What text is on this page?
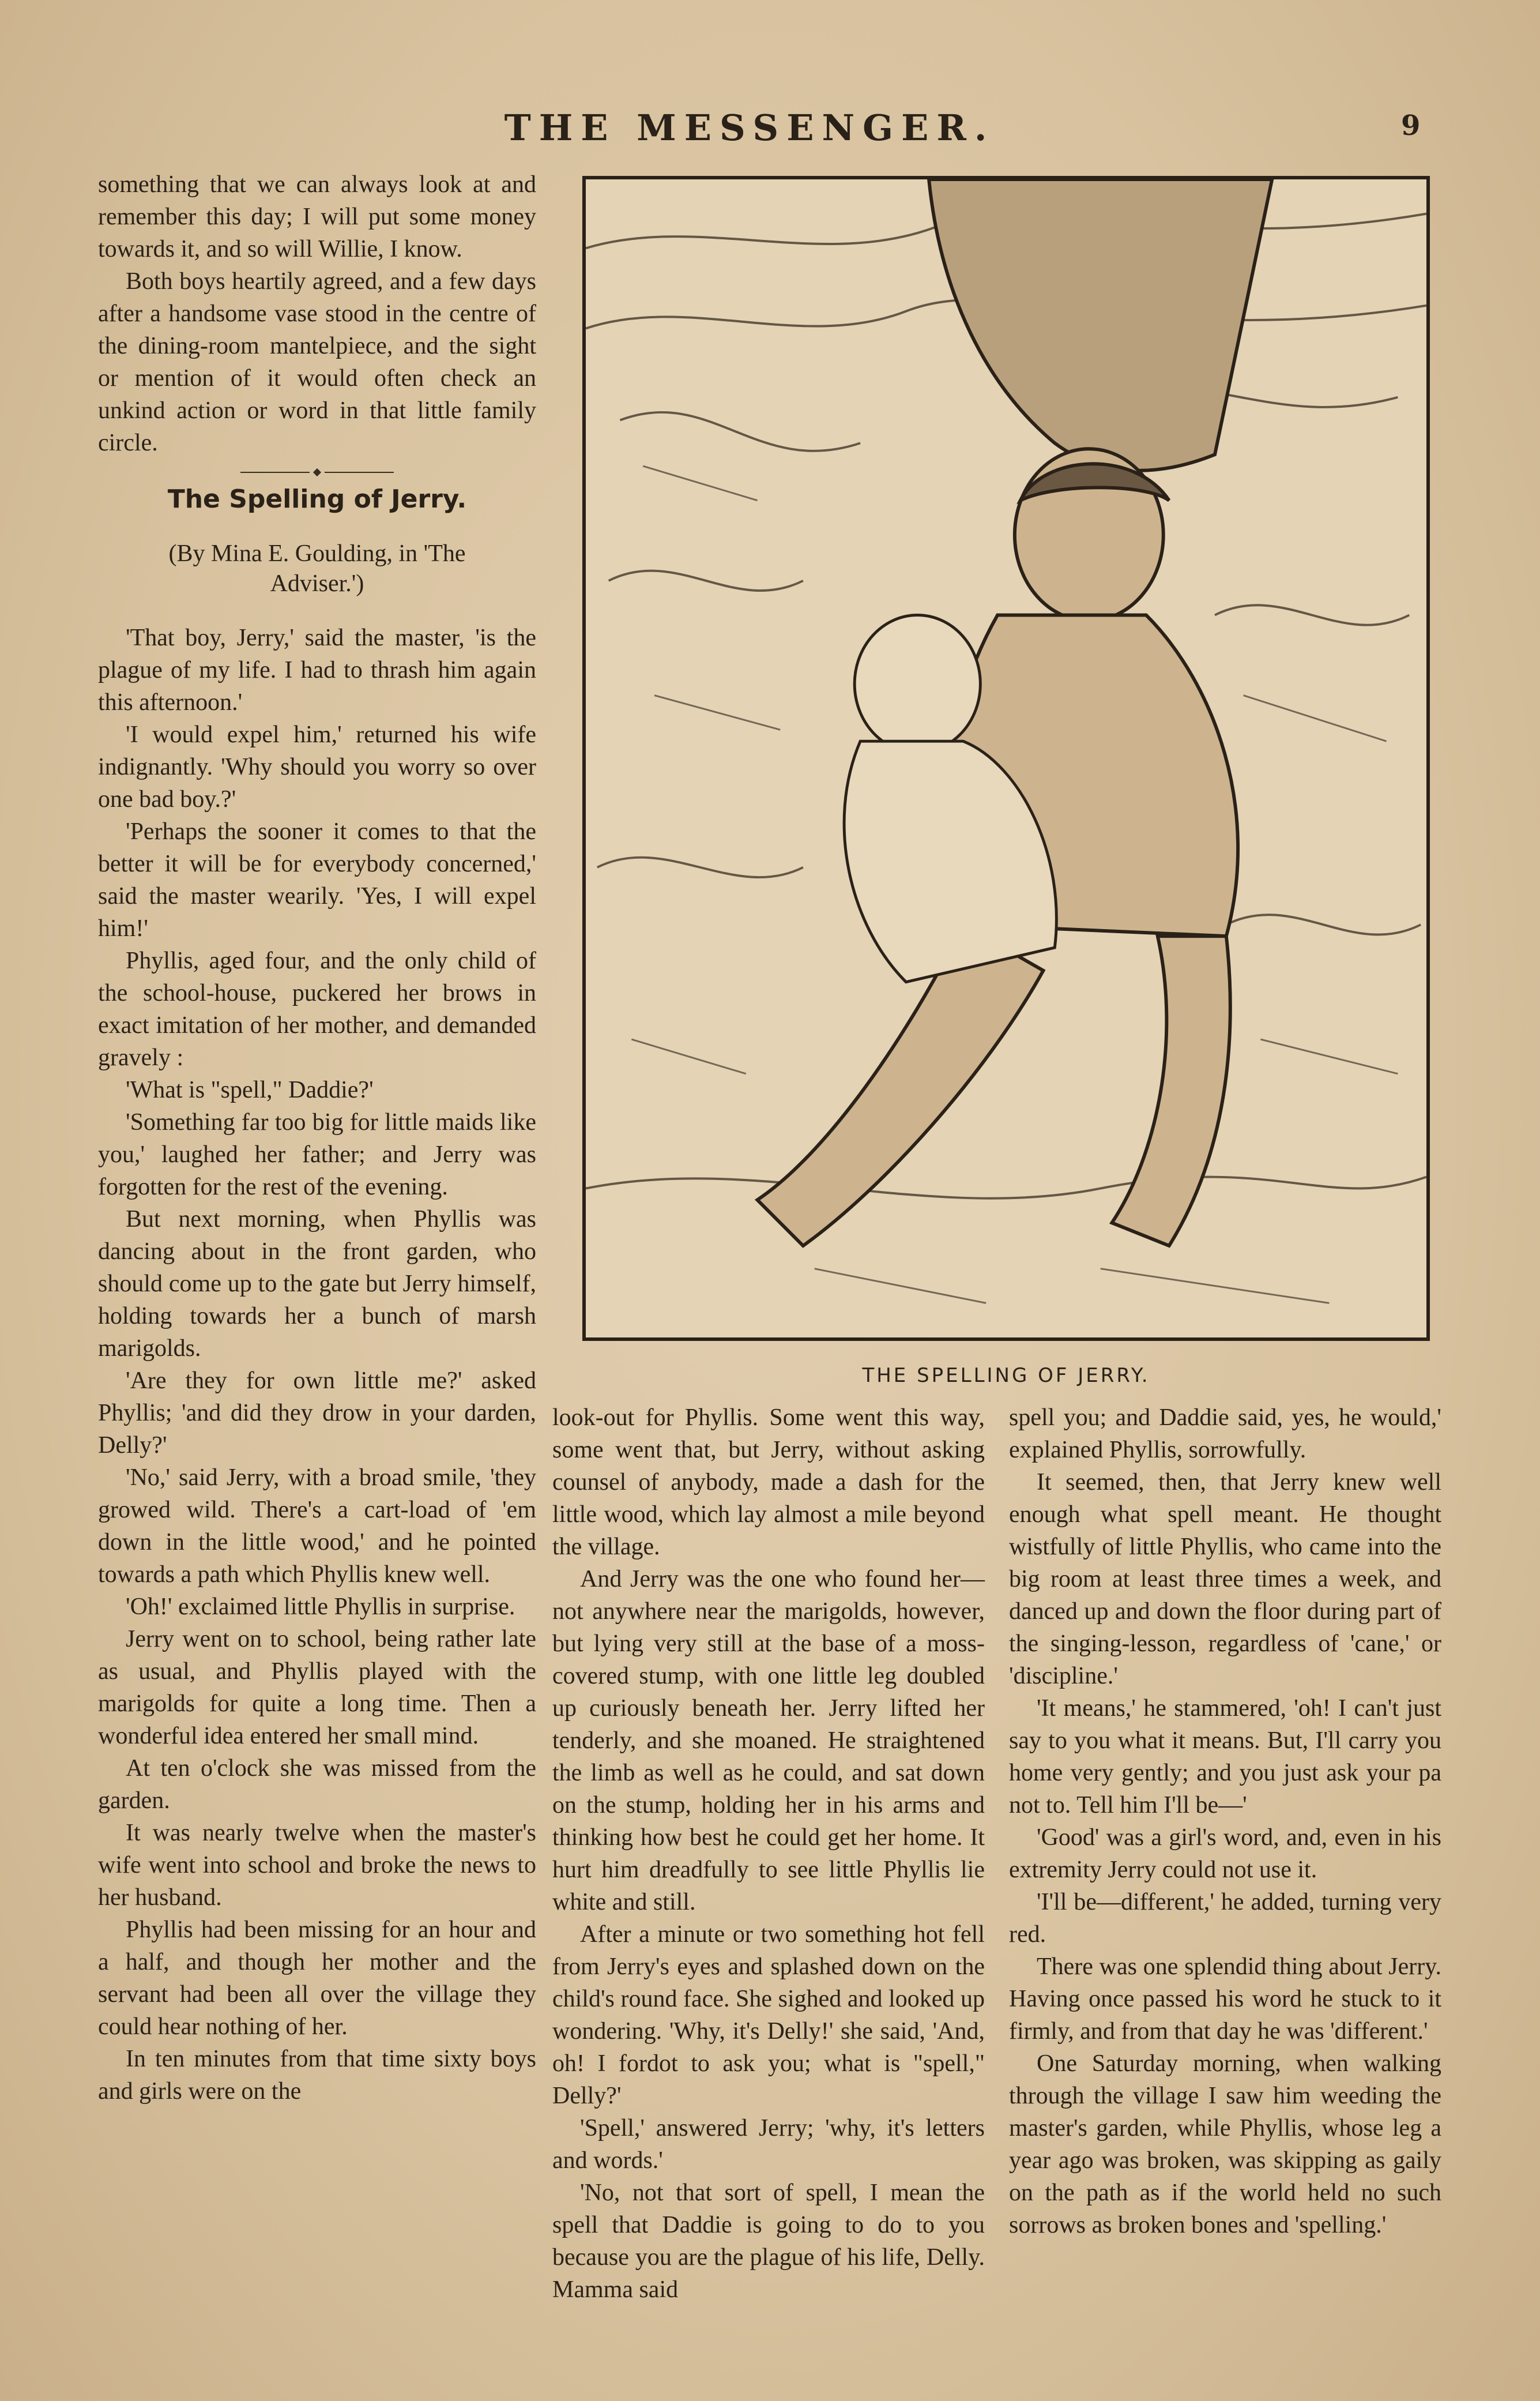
THE MESSENGER.	9

something that we can always look at and remember this day; I will put some money towards it, and so will Willie, I know.

Both boys heartily agreed, and a few days after a handsome vase stood in the centre of the dining-room mantelpiece, and the sight or mention of it would often check an unkind action or word in that little family circle.

The Spelling of Jerry.
(By Mina E. Goulding, in 'The Adviser.')

'That boy, Jerry,' said the master, 'is the plague of my life. I had to thrash him again this afternoon.'

'I would expel him,' returned his wife indignantly. 'Why should you worry so over one bad boy.?'

'Perhaps the sooner it comes to that the better it will be for everybody concerned,' said the master wearily. 'Yes, I will expel him!'

Phyllis, aged four, and the only child of the school-house, puckered her brows in exact imitation of her mother, and demanded gravely :

'What is "spell," Daddie?'

'Something far too big for little maids like you,' laughed her father; and Jerry was forgotten for the rest of the evening.

But next morning, when Phyllis was dancing about in the front garden, who should come up to the gate but Jerry himself, holding towards her a bunch of marsh marigolds.

'Are they for own little me?' asked Phyllis; 'and did they drow in your darden, Delly?'

'No,' said Jerry, with a broad smile, 'they growed wild. There's a cart-load of 'em down in the little wood,' and he pointed towards a path which Phyllis knew well.

'Oh!' exclaimed little Phyllis in surprise.

Jerry went on to school, being rather late as usual, and Phyllis played with the marigolds for quite a long time. Then a wonderful idea entered her small mind.

At ten o'clock she was missed from the garden.

It was nearly twelve when the master's wife went into school and broke the news to her husband.

Phyllis had been missing for an hour and a half, and though her mother and the servant had been all over the village they could hear nothing of her.

In ten minutes from that time sixty boys and girls were on the

THE SPELLING OF JERRY.

look-out for Phyllis. Some went this way, some went that, but Jerry, without asking counsel of anybody, made a dash for the little wood, which lay almost a mile beyond the village.

And Jerry was the one who found her—not anywhere near the marigolds, however, but lying very still at the base of a moss-covered stump, with one little leg doubled up curiously beneath her. Jerry lifted her tenderly, and she moaned. He straightened the limb as well as he could, and sat down on the stump, holding her in his arms and thinking how best he could get her home. It hurt him dreadfully to see little Phyllis lie white and still.

After a minute or two something hot fell from Jerry's eyes and splashed down on the child's round face. She sighed and looked up wondering. 'Why, it's Delly!' she said, 'And, oh! I fordot to ask you; what is "spell," Delly?'

'Spell,' answered Jerry; 'why, it's letters and words.'

'No, not that sort of spell, I mean the spell that Daddie is going to do to you because you are the plague of his life, Delly. Mamma said

spell you; and Daddie said, yes, he would,' explained Phyllis, sorrowfully.

It seemed, then, that Jerry knew well enough what spell meant. He thought wistfully of little Phyllis, who came into the big room at least three times a week, and danced up and down the floor during part of the singing-lesson, regardless of 'cane,' or 'discipline.'

'It means,' he stammered, 'oh! I can't just say to you what it means. But, I'll carry you home very gently; and you just ask your pa not to. Tell him I'll be—'

'Good' was a girl's word, and, even in his extremity Jerry could not use it.

'I'll be—different,' he added, turning very red.

There was one splendid thing about Jerry. Having once passed his word he stuck to it firmly, and from that day he was 'different.'

One Saturday morning, when walking through the village I saw him weeding the master's garden, while Phyllis, whose leg a year ago was broken, was skipping as gaily on the path as if the world held no such sorrows as broken bones and 'spelling.'
